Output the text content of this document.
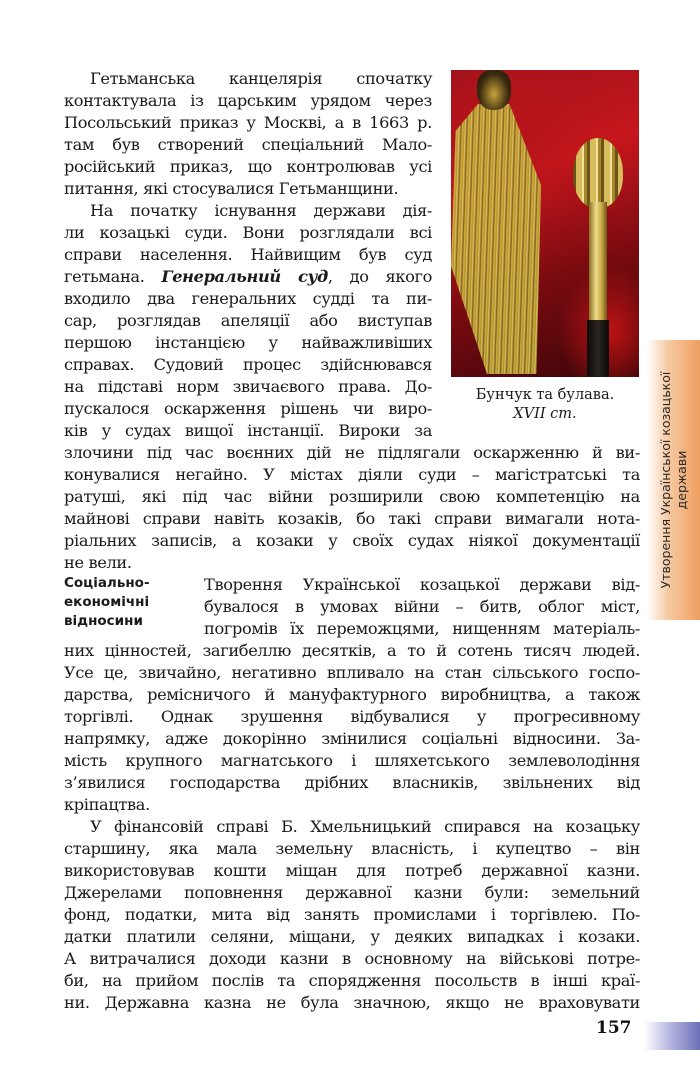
Гетьманська канцелярія спочатку
контактувала із царським урядом через
Посольський приказ у Москві, а в 1663 р.
там був створений спеціальний Мало-
російський приказ, що контролював усі
питання, які стосувалися Гетьманщини.
На початку існування держави дія-
ли козацькі суди. Вони розглядали всі
справи населення. Найвищим був суд
гетьмана. Генеральний суд, до якого
входило два генеральних судді та пи-
сар, розглядав апеляції або виступав
першою інстанцією у найважливіших
справах. Судовий процес здійснювався
на підставі норм звичаєвого права. До-
пускалося оскарження рішень чи виро-
ків у судах вищої інстанції. Вироки за
злочини під час воєнних дій не підлягали оскарженню й ви-
конувалися негайно. У містах діяли суди – магістратські та
ратуші, які під час війни розширили свою компетенцію на
майнові справи навіть козаків, бо такі справи вимагали нота-
ріальних записів, а козаки у своїх судах ніякої документації
не вели.
Бунчук та булава.
XVII ст.	Утворення Української козацької держави
Соціально-
економічні
відносини
Творення Української козацької держави від-
бувалося в умовах війни – битв, облог міст,
погромів їх переможцями, нищенням матеріаль-
них цінностей, загибеллю десятків, а то й сотень тисяч людей.
Усе це, звичайно, негативно впливало на стан сільського госпо-
дарства, ремісничого й мануфактурного виробництва, а також
торгівлі. Однак зрушення відбувалися у прогресивному
напрямку, адже докорінно змінилися соціальні відносини. За-
мість крупного магнатського і шляхетського землеволодіння
з’явилися господарства дрібних власників, звільнених від
кріпацтва.
У фінансовій справі Б. Хмельницький спирався на козацьку
старшину, яка мала земельну власність, і купецтво – він
використовував кошти міщан для потреб державної казни.
Джерелами поповнення державної казни були: земельний
фонд, податки, мита від занять промислами і торгівлею. По-
датки платили селяни, міщани, у деяких випадках і козаки.
А витрачалися доходи казни в основному на військові потре-
би, на прийом послів та спорядження посольств в інші краї-
ни. Державна казна не була значною, якщо не враховувати
157
